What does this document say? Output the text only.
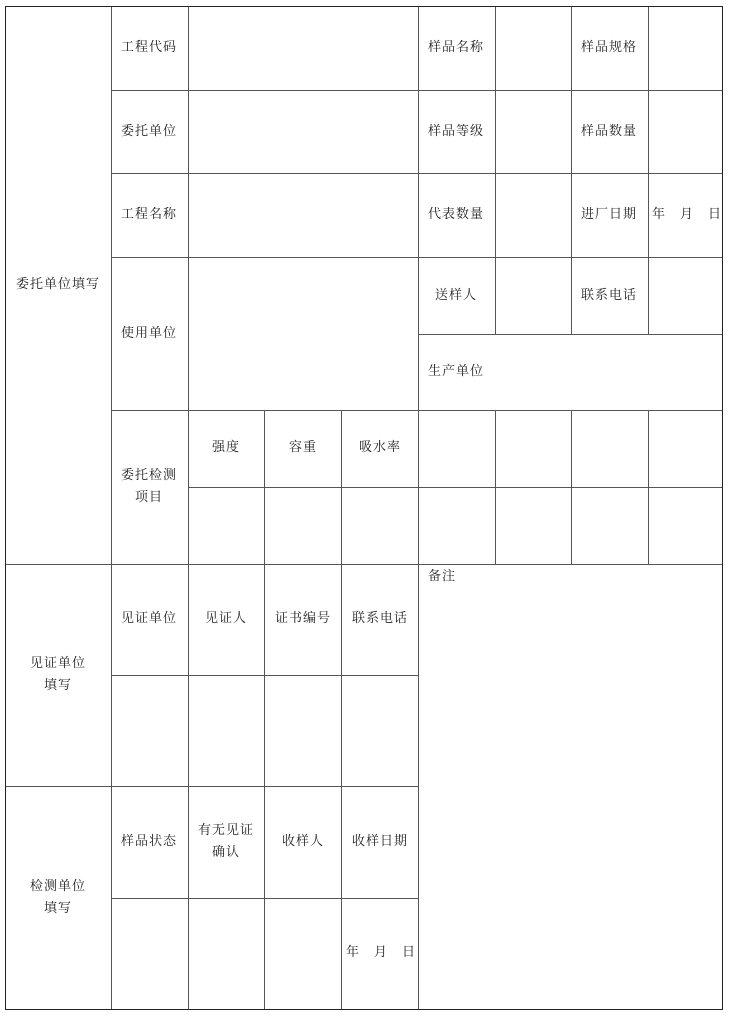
委托单位填写
见证单位填写
检测单位填写
工程代码
委托单位
工程名称
使用单位
委托检测项目
样品名称
样品等级
代表数量
送样人
生产单位
样品规格
样品数量
进厂日期
联系电话
年 月 日
强度	容重	吸水率
备注
见证单位 见证人 证书编号 联系电话
样品状态
有无见证确认
收样人 收样日期
年 月 日
